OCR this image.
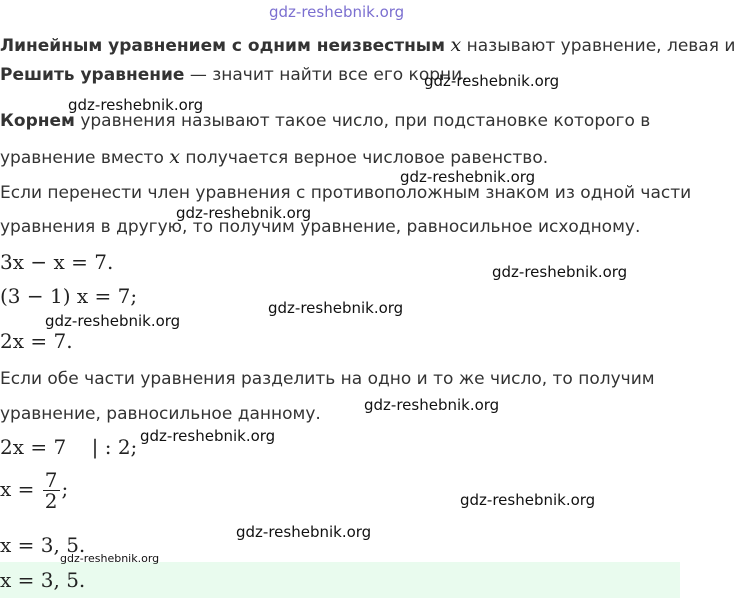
gdz-reshebnik.org
Линейным уравнением с одним неизвестным x называют уравнение, левая и
Решить уравнение — значит найти все его корни.
Корнем уравнения называют такое число, при подстановке которого в
уравнение вместо x получается верное числовое равенство.
Если перенести член уравнения с противоположным знаком из одной части
уравнения в другую, то получим уравнение, равносильное исходному.
3x − x = 7.
(3 − 1) x = 7;
2x = 7.
Если обе части уравнения разделить на одно и то же число, то получим
уравнение, равносильное данному.
2x = 7    | : 2;
$x = \frac{7}{2}$ ;
x = 3, 5.
x = 3, 5.
gdz-reshebnik.org
gdz-reshebnik.org
gdz-reshebnik.org
gdz-reshebnik.org
gdz-reshebnik.org
gdz-reshebnik.org
gdz-reshebnik.org
gdz-reshebnik.org
gdz-reshebnik.org
gdz-reshebnik.org
gdz-reshebnik.org
gdz-reshebnik.org
